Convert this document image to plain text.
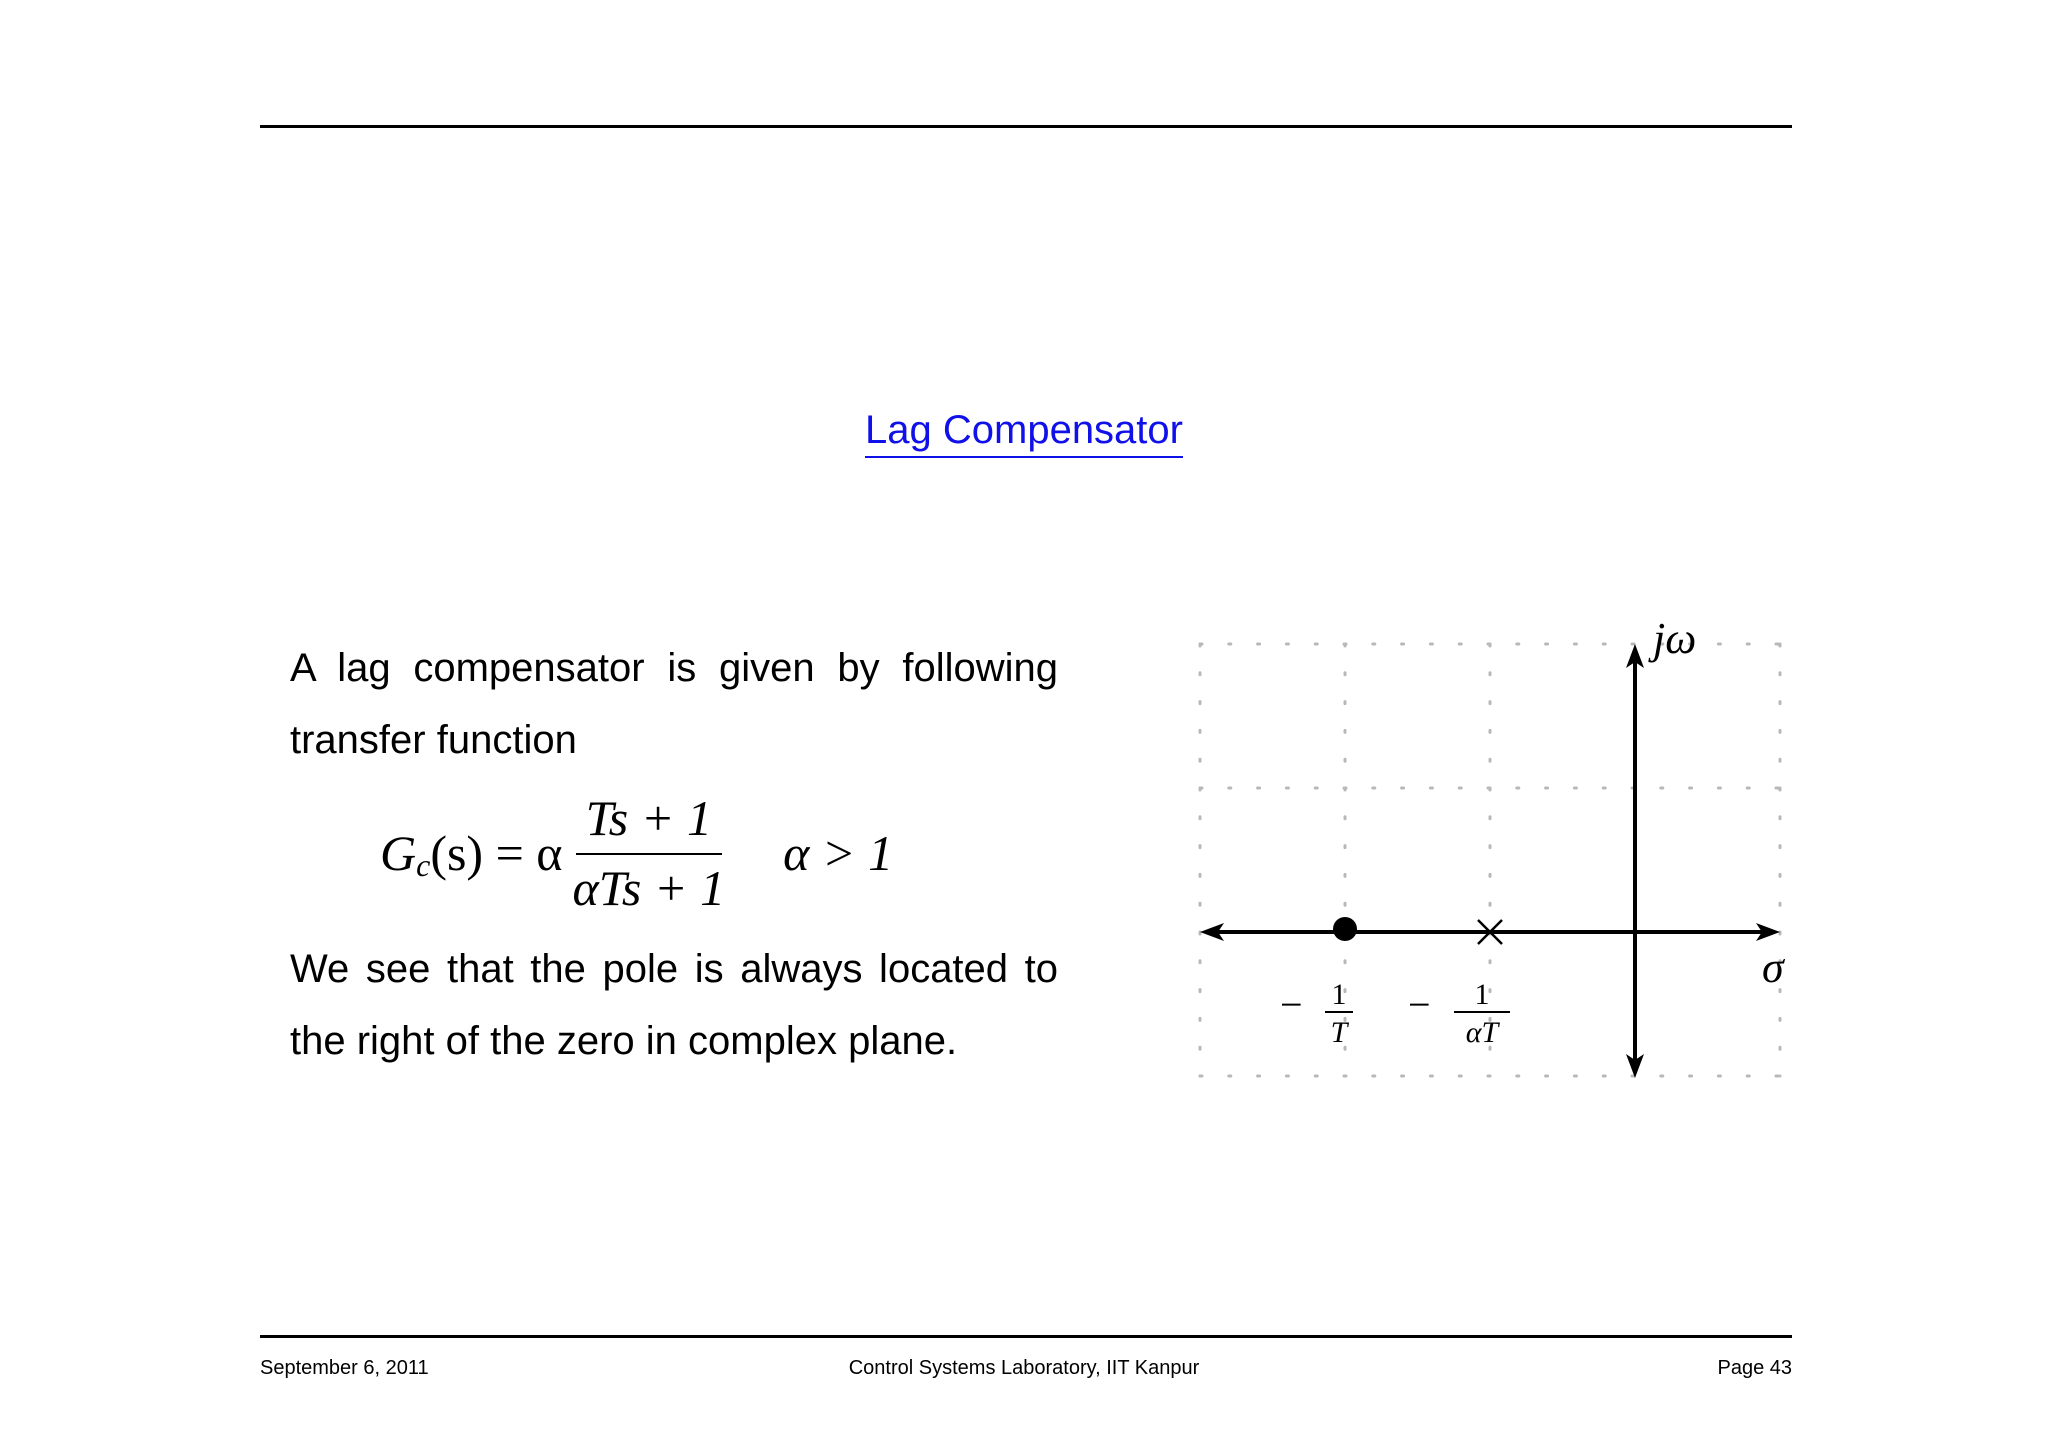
Lag Compensator
A lag compensator is given by following
transfer function
G c (s) = α $\frac{Ts + 1}{\text{αTs + 1}}$ α > 1
We see that the pole is always located to
the right of the zero in complex plane.
jω
σ
− 1
T
− 1
αT
September 6, 2011	Control Systems Laboratory, IIT Kanpur	Page 43
